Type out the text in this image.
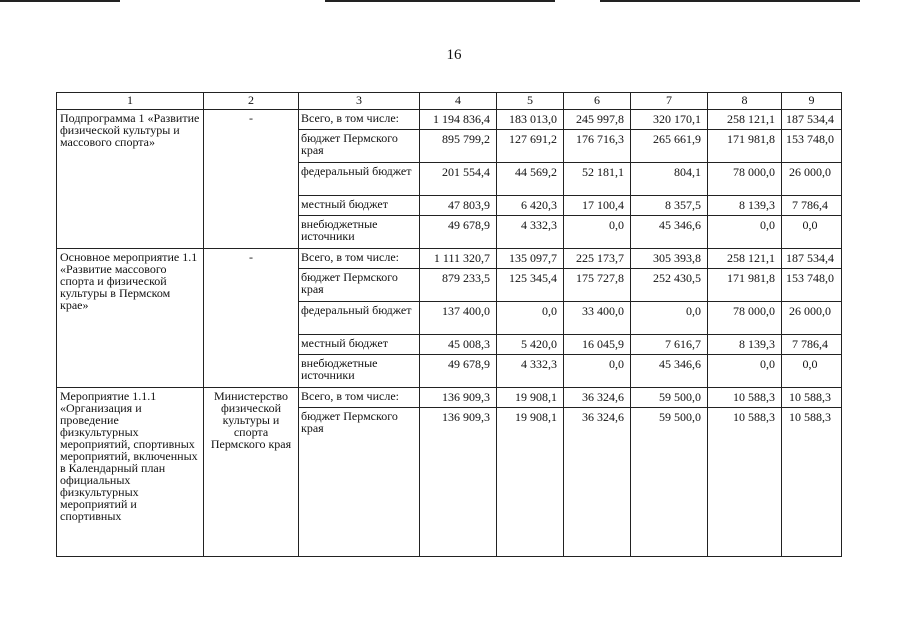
16
1	2	3	4	5	6	7	8	9
Подпрограмма 1 «Развитие физической культуры и массового спорта»	-	Всего, в том числе:	1 194 836,4	183 013,0	245 997,8	320 170,1	258 121,1	187 534,4
		бюджет Пермского края	895 799,2	127 691,2	176 716,3	265 661,9	171 981,8	153 748,0
		федеральный бюджет	201 554,4	44 569,2	52 181,1	804,1	78 000,0	26 000,0
		местный бюджет	47 803,9	6 420,3	17 100,4	8 357,5	8 139,3	7 786,4
		внебюджетные источники	49 678,9	4 332,3	0,0	45 346,6	0,0	0,0
Основное мероприятие 1.1 «Развитие массового спорта и физической культуры в Пермском крае»	-	Всего, в том числе:	1 111 320,7	135 097,7	225 173,7	305 393,8	258 121,1	187 534,4
		бюджет Пермского края	879 233,5	125 345,4	175 727,8	252 430,5	171 981,8	153 748,0
		федеральный бюджет	137 400,0	0,0	33 400,0	0,0	78 000,0	26 000,0
		местный бюджет	45 008,3	5 420,0	16 045,9	7 616,7	8 139,3	7 786,4
		внебюджетные источники	49 678,9	4 332,3	0,0	45 346,6	0,0	0,0
Мероприятие 1.1.1 «Организация и проведение физкультурных мероприятий, спортивных мероприятий, включенных в Календарный план официальных физкультурных мероприятий и спортивных	Министерство физической культуры и спорта Пермского края	Всего, в том числе:	136 909,3	19 908,1	36 324,6	59 500,0	10 588,3	10 588,3
		бюджет Пермского края	136 909,3	19 908,1	36 324,6	59 500,0	10 588,3	10 588,3
